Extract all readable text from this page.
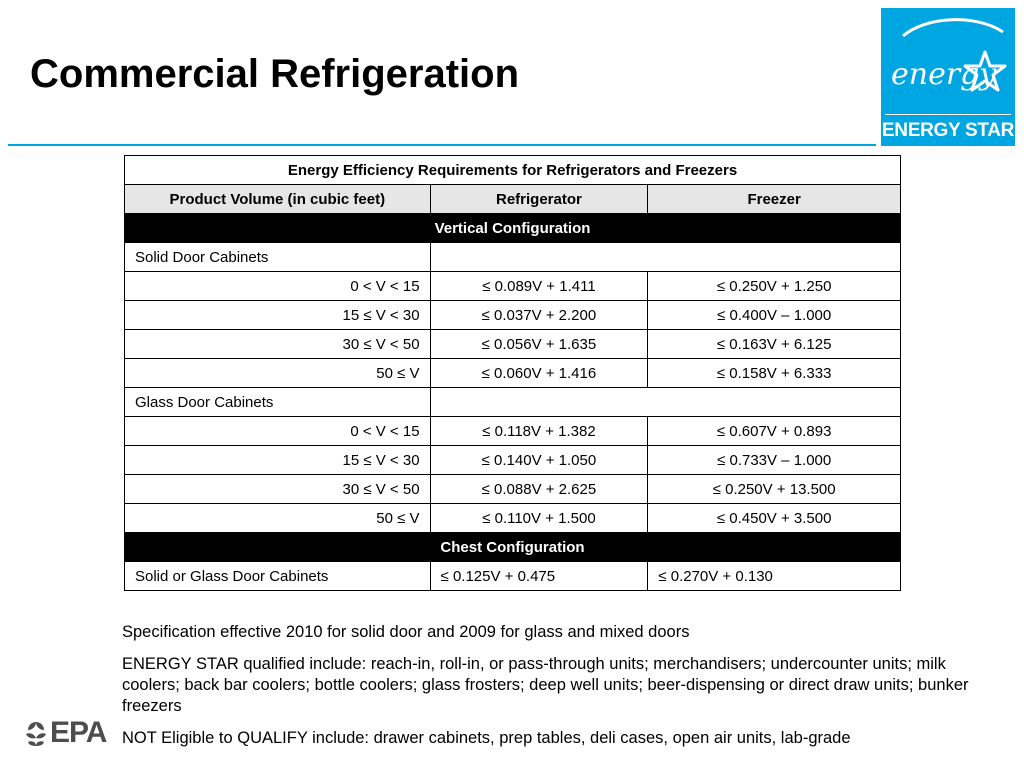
Commercial Refrigeration	energy
ENERGY STAR
Energy Efficiency Requirements for Refrigerators and Freezers		
Product Volume (in cubic feet)	Refrigerator	Freezer
Vertical Configuration		
Solid Door Cabinets		
0 < V < 15	≤ 0.089V + 1.411	≤ 0.250V + 1.250
15 ≤ V < 30	≤ 0.037V + 2.200	≤ 0.400V – 1.000
30 ≤ V < 50	≤ 0.056V + 1.635	≤ 0.163V + 6.125
50 ≤ V	≤ 0.060V + 1.416	≤ 0.158V + 6.333
Glass Door Cabinets		
0 < V < 15	≤ 0.118V + 1.382	≤ 0.607V + 0.893
15 ≤ V < 30	≤ 0.140V + 1.050	≤ 0.733V – 1.000
30 ≤ V < 50	≤ 0.088V + 2.625	≤ 0.250V + 13.500
50 ≤ V	≤ 0.110V + 1.500	≤ 0.450V + 3.500
Chest Configuration		
Solid or Glass Door Cabinets	≤ 0.125V + 0.475	≤ 0.270V + 0.130

Specification effective 2010 for solid door and 2009 for glass and mixed doors

ENERGY STAR qualified include: reach-in, roll-in, or pass-through units; merchandisers; undercounter units; milk coolers; back bar coolers; bottle coolers; glass frosters; deep well units; beer-dispensing or direct draw units; bunker freezers

NOT Eligible to QUALIFY include: drawer cabinets, prep tables, deli cases, open air units, lab-grade

EPA
